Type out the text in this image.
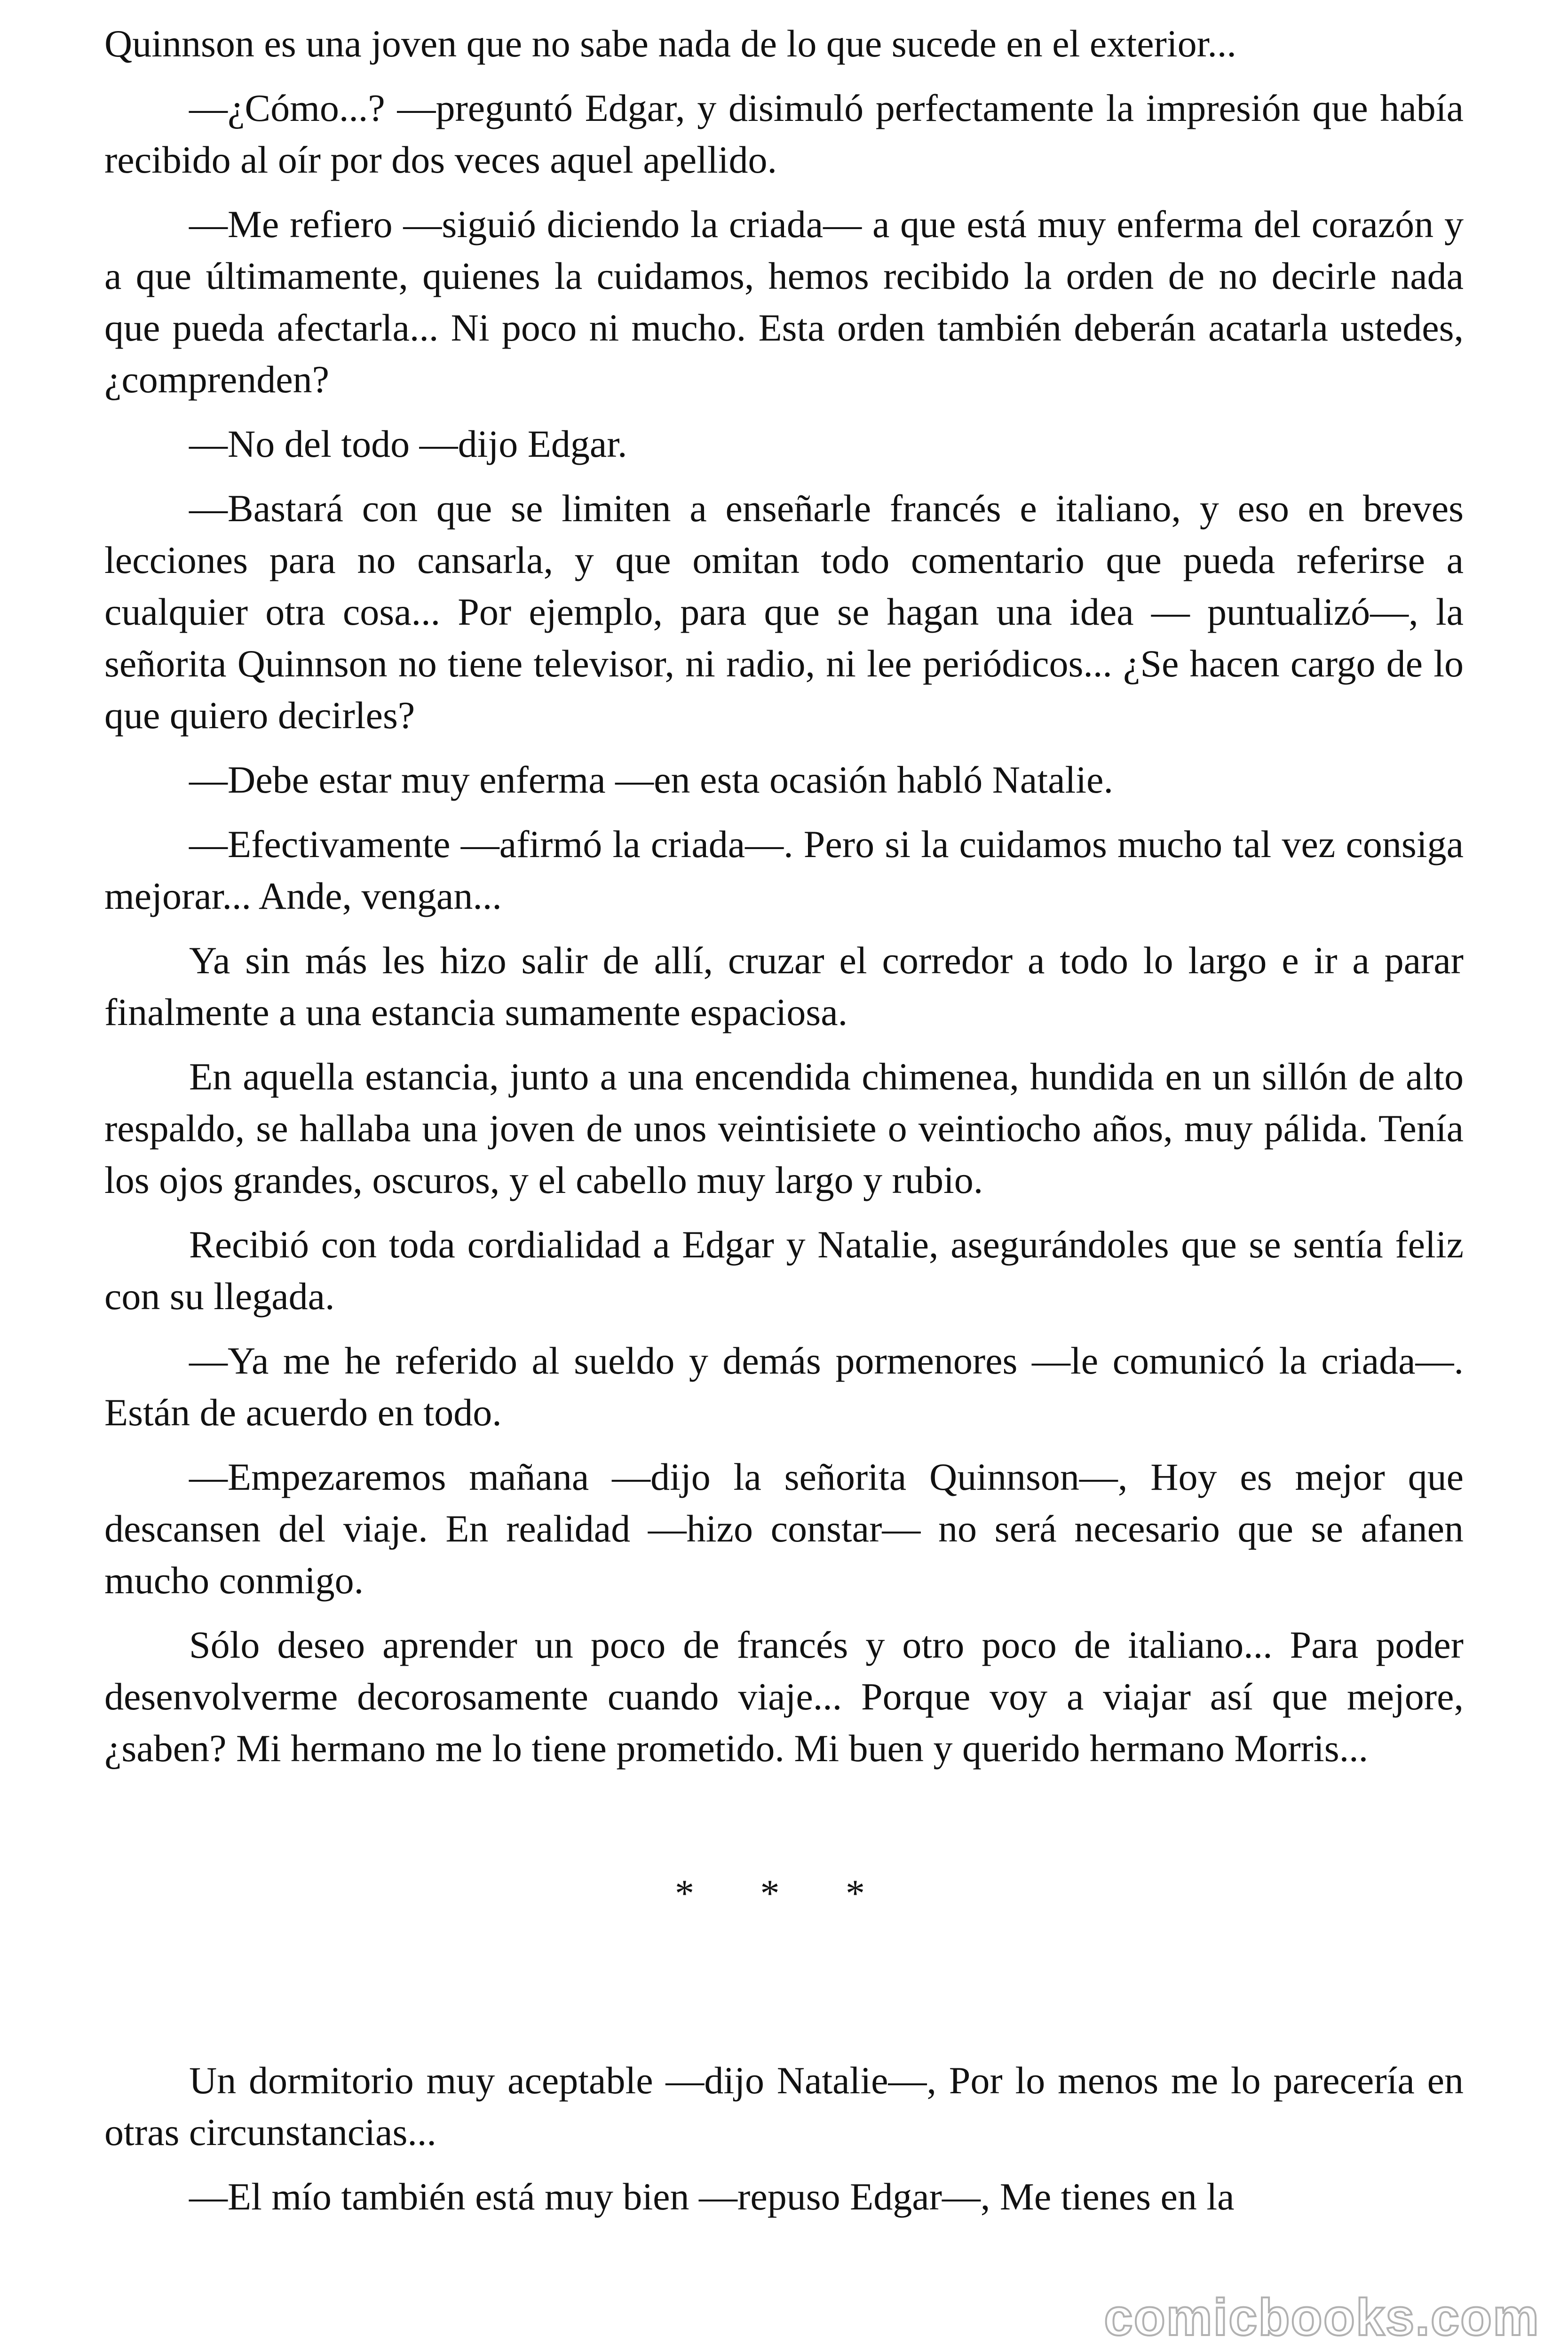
Quinnson es una joven que no sabe nada de lo que sucede en el exterior...

—¿Cómo...? —preguntó Edgar, y disimuló perfectamente la impresión que había recibido al oír por dos veces aquel apellido.

—Me refiero —siguió diciendo la criada— a que está muy enferma del corazón y a que últimamente, quienes la cuidamos, hemos recibido la orden de no decirle nada que pueda afectarla... Ni poco ni mucho. Esta orden también deberán acatarla ustedes, ¿comprenden?

—No del todo —dijo Edgar.

—Bastará con que se limiten a enseñarle francés e italiano, y eso en breves lecciones para no cansarla, y que omitan todo comentario que pueda referirse a cualquier otra cosa... Por ejemplo, para que se hagan una idea — puntualizó—, la señorita Quinnson no tiene televisor, ni radio, ni lee periódicos... ¿Se hacen cargo de lo que quiero decirles?

—Debe estar muy enferma —en esta ocasión habló Natalie.

—Efectivamente —afirmó la criada—. Pero si la cuidamos mucho tal vez consiga mejorar... Ande, vengan...

Ya sin más les hizo salir de allí, cruzar el corredor a todo lo largo e ir a parar finalmente a una estancia sumamente espaciosa.

En aquella estancia, junto a una encendida chimenea, hundida en un sillón de alto respaldo, se hallaba una joven de unos veintisiete o veintiocho años, muy pálida. Tenía los ojos grandes, oscuros, y el cabello muy largo y rubio.

Recibió con toda cordialidad a Edgar y Natalie, asegurándoles que se sentía feliz con su llegada.

—Ya me he referido al sueldo y demás pormenores —le comunicó la criada—. Están de acuerdo en todo.

—Empezaremos mañana —dijo la señorita Quinnson—, Hoy es mejor que descansen del viaje. En realidad —hizo constar— no será necesario que se afanen mucho conmigo.

Sólo deseo aprender un poco de francés y otro poco de italiano... Para poder desenvolverme decorosamente cuando viaje... Porque voy a viajar así que mejore, ¿saben? Mi hermano me lo tiene prometido. Mi buen y querido hermano Morris...

* * *

Un dormitorio muy aceptable —dijo Natalie—, Por lo menos me lo parecería en otras circunstancias...

—El mío también está muy bien —repuso Edgar—, Me tienes en la

comicbooks.com
